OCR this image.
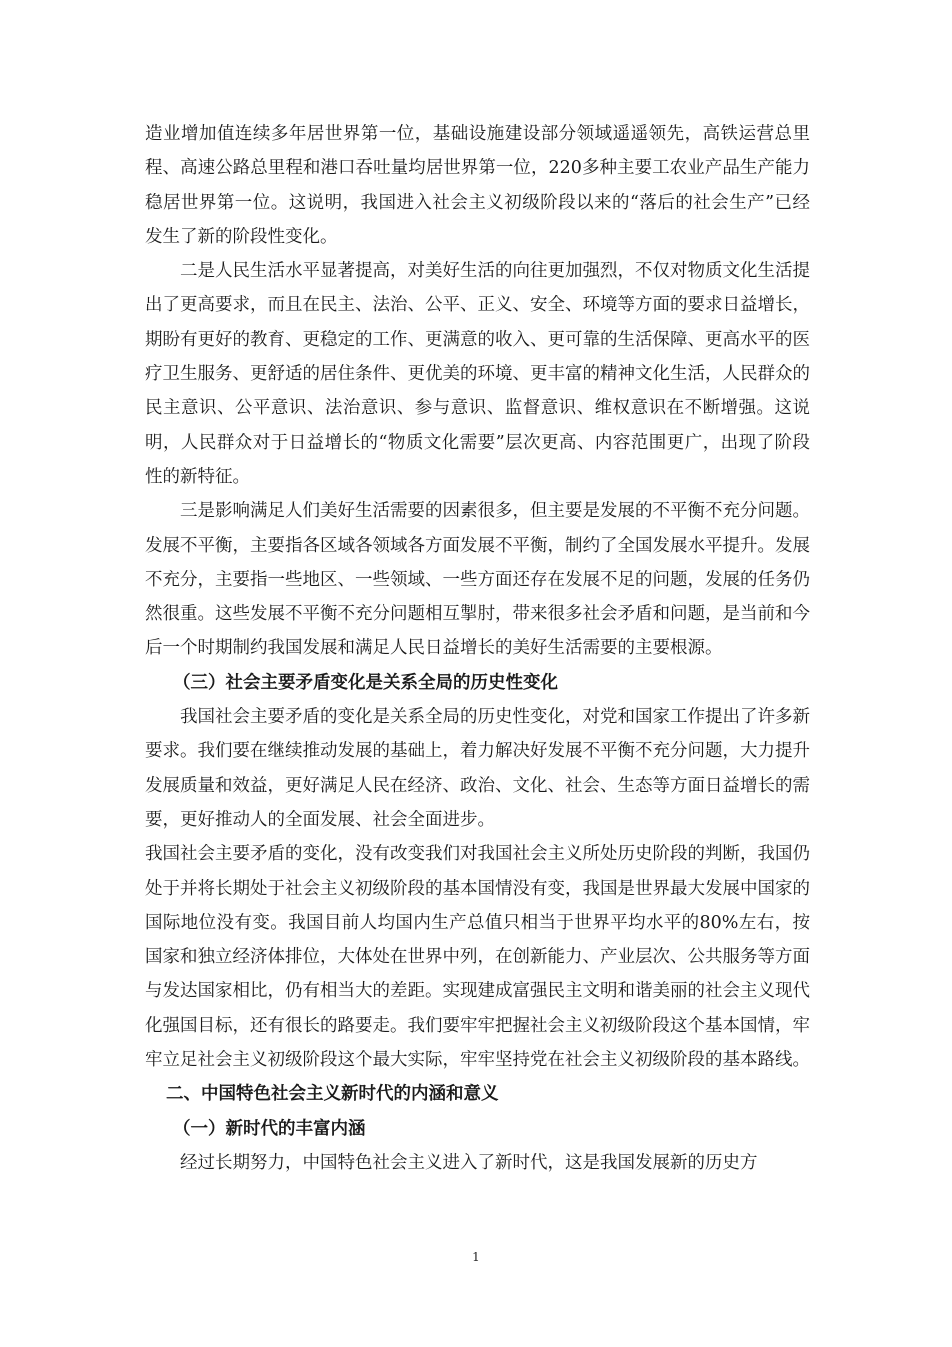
造业增加值连续多年居世界第一位，基础设施建设部分领域遥遥领先，高铁运营总里程、高速公路总里程和港口吞吐量均居世界第一位，220多种主要工农业产品生产能力稳居世界第一位。这说明，我国进入社会主义初级阶段以来的“落后的社会生产”已经发生了新的阶段性变化。

二是人民生活水平显著提高，对美好生活的向往更加强烈，不仅对物质文化生活提出了更高要求，而且在民主、法治、公平、正义、安全、环境等方面的要求日益增长，期盼有更好的教育、更稳定的工作、更满意的收入、更可靠的生活保障、更高水平的医疗卫生服务、更舒适的居住条件、更优美的环境、更丰富的精神文化生活，人民群众的民主意识、公平意识、法治意识、参与意识、监督意识、维权意识在不断增强。这说明，人民群众对于日益增长的“物质文化需要”层次更高、内容范围更广，出现了阶段性的新特征。

三是影响满足人们美好生活需要的因素很多，但主要是发展的不平衡不充分问题。发展不平衡，主要指各区域各领域各方面发展不平衡，制约了全国发展水平提升。发展不充分，主要指一些地区、一些领域、一些方面还存在发展不足的问题，发展的任务仍然很重。这些发展不平衡不充分问题相互掣肘，带来很多社会矛盾和问题，是当前和今后一个时期制约我国发展和满足人民日益增长的美好生活需要的主要根源。

（三）社会主要矛盾变化是关系全局的历史性变化

我国社会主要矛盾的变化是关系全局的历史性变化，对党和国家工作提出了许多新要求。我们要在继续推动发展的基础上，着力解决好发展不平衡不充分问题，大力提升发展质量和效益，更好满足人民在经济、政治、文化、社会、生态等方面日益增长的需要，更好推动人的全面发展、社会全面进步。

我国社会主要矛盾的变化，没有改变我们对我国社会主义所处历史阶段的判断，我国仍处于并将长期处于社会主义初级阶段的基本国情没有变，我国是世界最大发展中国家的国际地位没有变。我国目前人均国内生产总值只相当于世界平均水平的80%左右，按国家和独立经济体排位，大体处在世界中列，在创新能力、产业层次、公共服务等方面与发达国家相比，仍有相当大的差距。实现建成富强民主文明和谐美丽的社会主义现代化强国目标，还有很长的路要走。我们要牢牢把握社会主义初级阶段这个基本国情，牢牢立足社会主义初级阶段这个最大实际，牢牢坚持党在社会主义初级阶段的基本路线。

二、中国特色社会主义新时代的内涵和意义

（一）新时代的丰富内涵

经过长期努力，中国特色社会主义进入了新时代，这是我国发展新的历史方

1
